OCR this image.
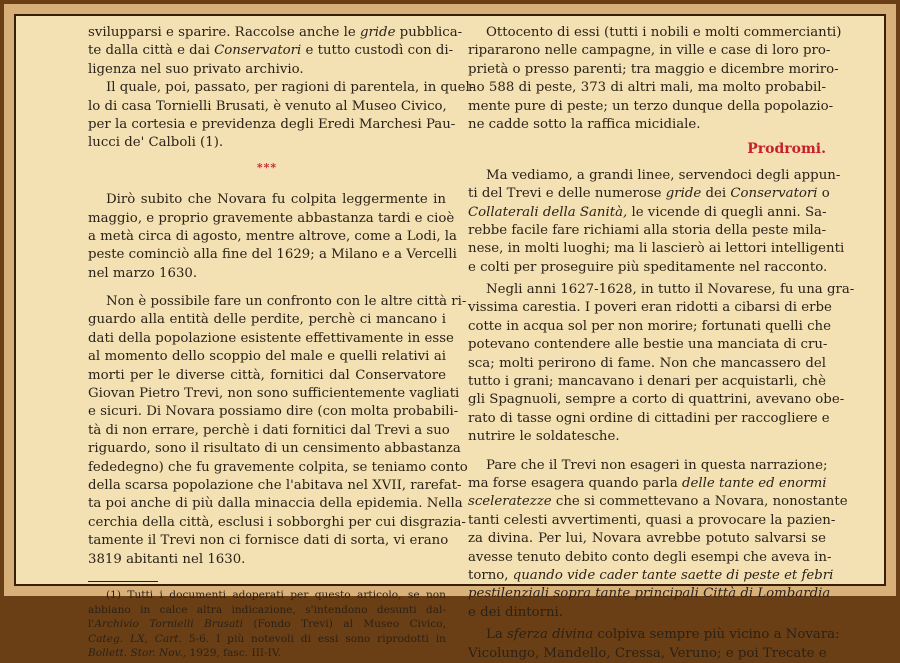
svilupparsi e sparire. Raccolse anche le gride pubblica-
te dalla città e dai Conservatori e tutto custodì con di-
ligenza nel suo privato archivio.
Il quale, poi, passato, per ragioni di parentela, in quel-
lo di casa Tornielli Brusati, è venuto al Museo Civico,
per la cortesia e previdenza degli Eredi Marchesi Pau-
lucci de' Calboli (1).
***
Dirò subito che Novara fu colpita leggermente in
maggio, e proprio gravemente abbastanza tardi e cioè
a metà circa di agosto, mentre altrove, come a Lodi, la
peste cominciò alla fine del 1629; a Milano e a Vercelli
nel marzo 1630.
Non è possibile fare un confronto con le altre città ri-
guardo alla entità delle perdite, perchè ci mancano i
dati della popolazione esistente effettivamente in esse
al momento dello scoppio del male e quelli relativi ai
morti per le diverse città, fornitici dal Conservatore
Giovan Pietro Trevi, non sono sufficientemente vagliati
e sicuri. Di Novara possiamo dire (con molta probabili-
tà di non errare, perchè i dati fornitici dal Trevi a suo
riguardo, sono il risultato di un censimento abbastanza
fededegno) che fu gravemente colpita, se teniamo conto
della scarsa popolazione che l'abitava nel XVII, rarefat-
ta poi anche di più dalla minaccia della epidemia. Nella
cerchia della città, esclusi i sobborghi per cui disgrazia-
tamente il Trevi non ci fornisce dati di sorta, vi erano
3819 abitanti nel 1630.
(1) Tutti i documenti adoperati per questo articolo, se non
abbiano in calce altra indicazione, s'intendono desunti dal-
l'Archivio Tornielli Brusati (Fondo Trevi) al Museo Civico,
Categ. LX, Cart. 5-6. I più notevoli di essi sono riprodotti in
Bollett. Stor. Nov., 1929, fasc. III-IV.
Ottocento di essi (tutti i nobili e molti commercianti)
ripararono nelle campagne, in ville e case di loro pro-
prietà o presso parenti; tra maggio e dicembre moriro-
no 588 di peste, 373 di altri mali, ma molto probabil-
mente pure di peste; un terzo dunque della popolazio-
ne cadde sotto la raffica micidiale.
Prodromi.
Ma vediamo, a grandi linee, servendoci degli appun-
ti del Trevi e delle numerose gride dei Conservatori o
Collaterali della Sanità, le vicende di quegli anni. Sa-
rebbe facile fare richiami alla storia della peste mila-
nese, in molti luoghi; ma li lascierò ai lettori intelligenti
e colti per proseguire più speditamente nel racconto.
Negli anni 1627-1628, in tutto il Novarese, fu una gra-
vissima carestia. I poveri eran ridotti a cibarsi di erbe
cotte in acqua sol per non morire; fortunati quelli che
potevano contendere alle bestie una manciata di cru-
sca; molti perirono di fame. Non che mancassero del
tutto i grani; mancavano i denari per acquistarli, chè
gli Spagnuoli, sempre a corto di quattrini, avevano obe-
rato di tasse ogni ordine di cittadini per raccogliere e
nutrire le soldatesche.
Pare che il Trevi non esageri in questa narrazione;
ma forse esagera quando parla delle tante ed enormi
sceleratezze che si commettevano a Novara, nonostante
tanti celesti avvertimenti, quasi a provocare la pazien-
za divina. Per lui, Novara avrebbe potuto salvarsi se
avesse tenuto debito conto degli esempi che aveva in-
torno, quando vide cader tante saette di peste et febri
pestilenziali sopra tante principali Città di Lombardia
e dei dintorni.
La sferza divina colpiva sempre più vicino a Novara:
Vicolungo, Mandello, Cressa, Veruno; e poi Trecate e
